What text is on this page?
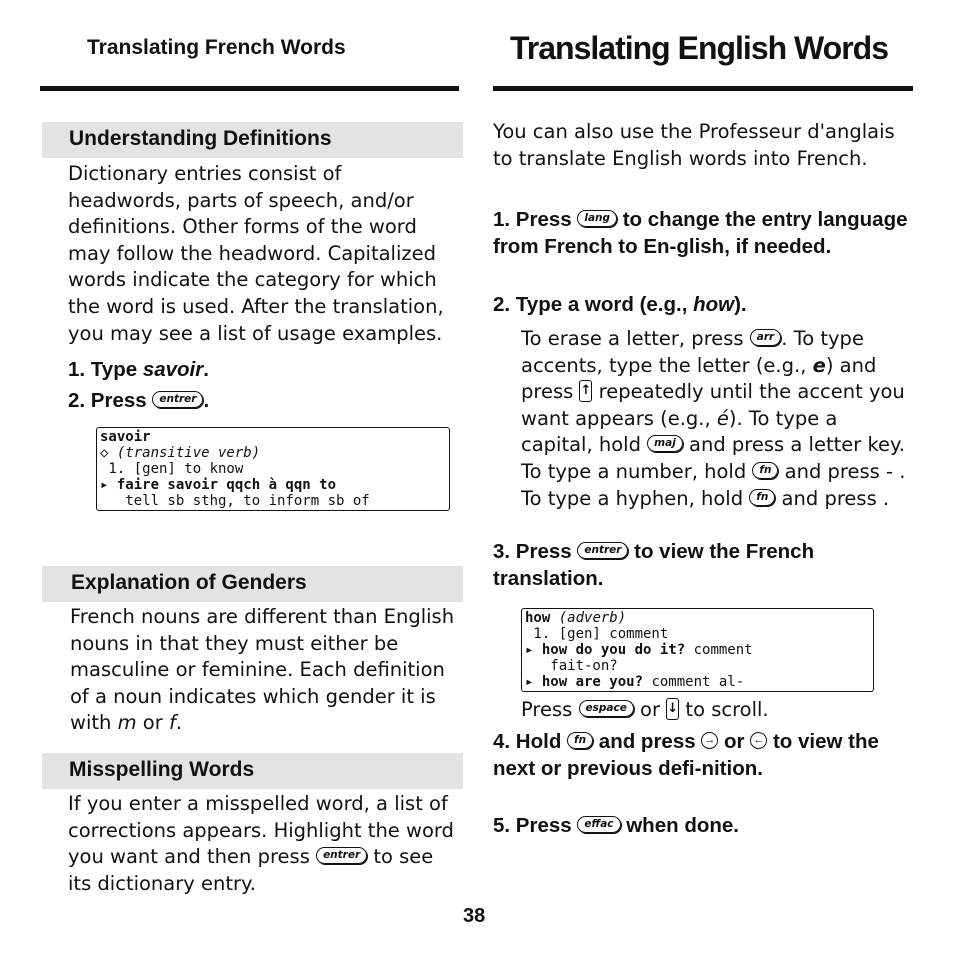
Translating French Words	Translating English Words
Understanding Definitions
Dictionary entries consist of headwords, parts of speech, and/or definitions. Other forms of the word may follow the headword. Capitalized words indicate the category for which the word is used. After the translation, you may see a list of usage examples.
1. Type savoir.
2. Press entrer .
savoir
◇ (transitive verb)
1. [gen] to know
▸ faire savoir qqch à qqn to
tell sb sthg, to inform sb of
Explanation of Genders
French nouns are different than English nouns in that they must either be masculine or feminine. Each definition of a noun indicates which gender it is with m or f.
Misspelling Words
If you enter a misspelled word, a list of corrections appears. Highlight the word you want and then press entrer to see its dictionary entry.
You can also use the Professeur d'anglais to translate English words into French.
1. Press lang to change the entry language from French to En-glish, if needed.
2. Type a word (e.g., how).
To erase a letter, press arr . To type accents, type the letter (e.g., e) and press ↑ repeatedly until the accent you want appears (e.g., é). To type a capital, hold maj and press a letter key. To type a number, hold fn and press - . To type a hyphen, hold fn and press .
3. Press entrer to view the French translation.
how (adverb)
1. [gen] comment
▸ how do you do it? comment
fait-on?
▸ how are you? comment al-
Press espace or ↓ to scroll.
4. Hold fn and press → or ← to view the next or previous defi-nition.
5. Press effac when done.
38
